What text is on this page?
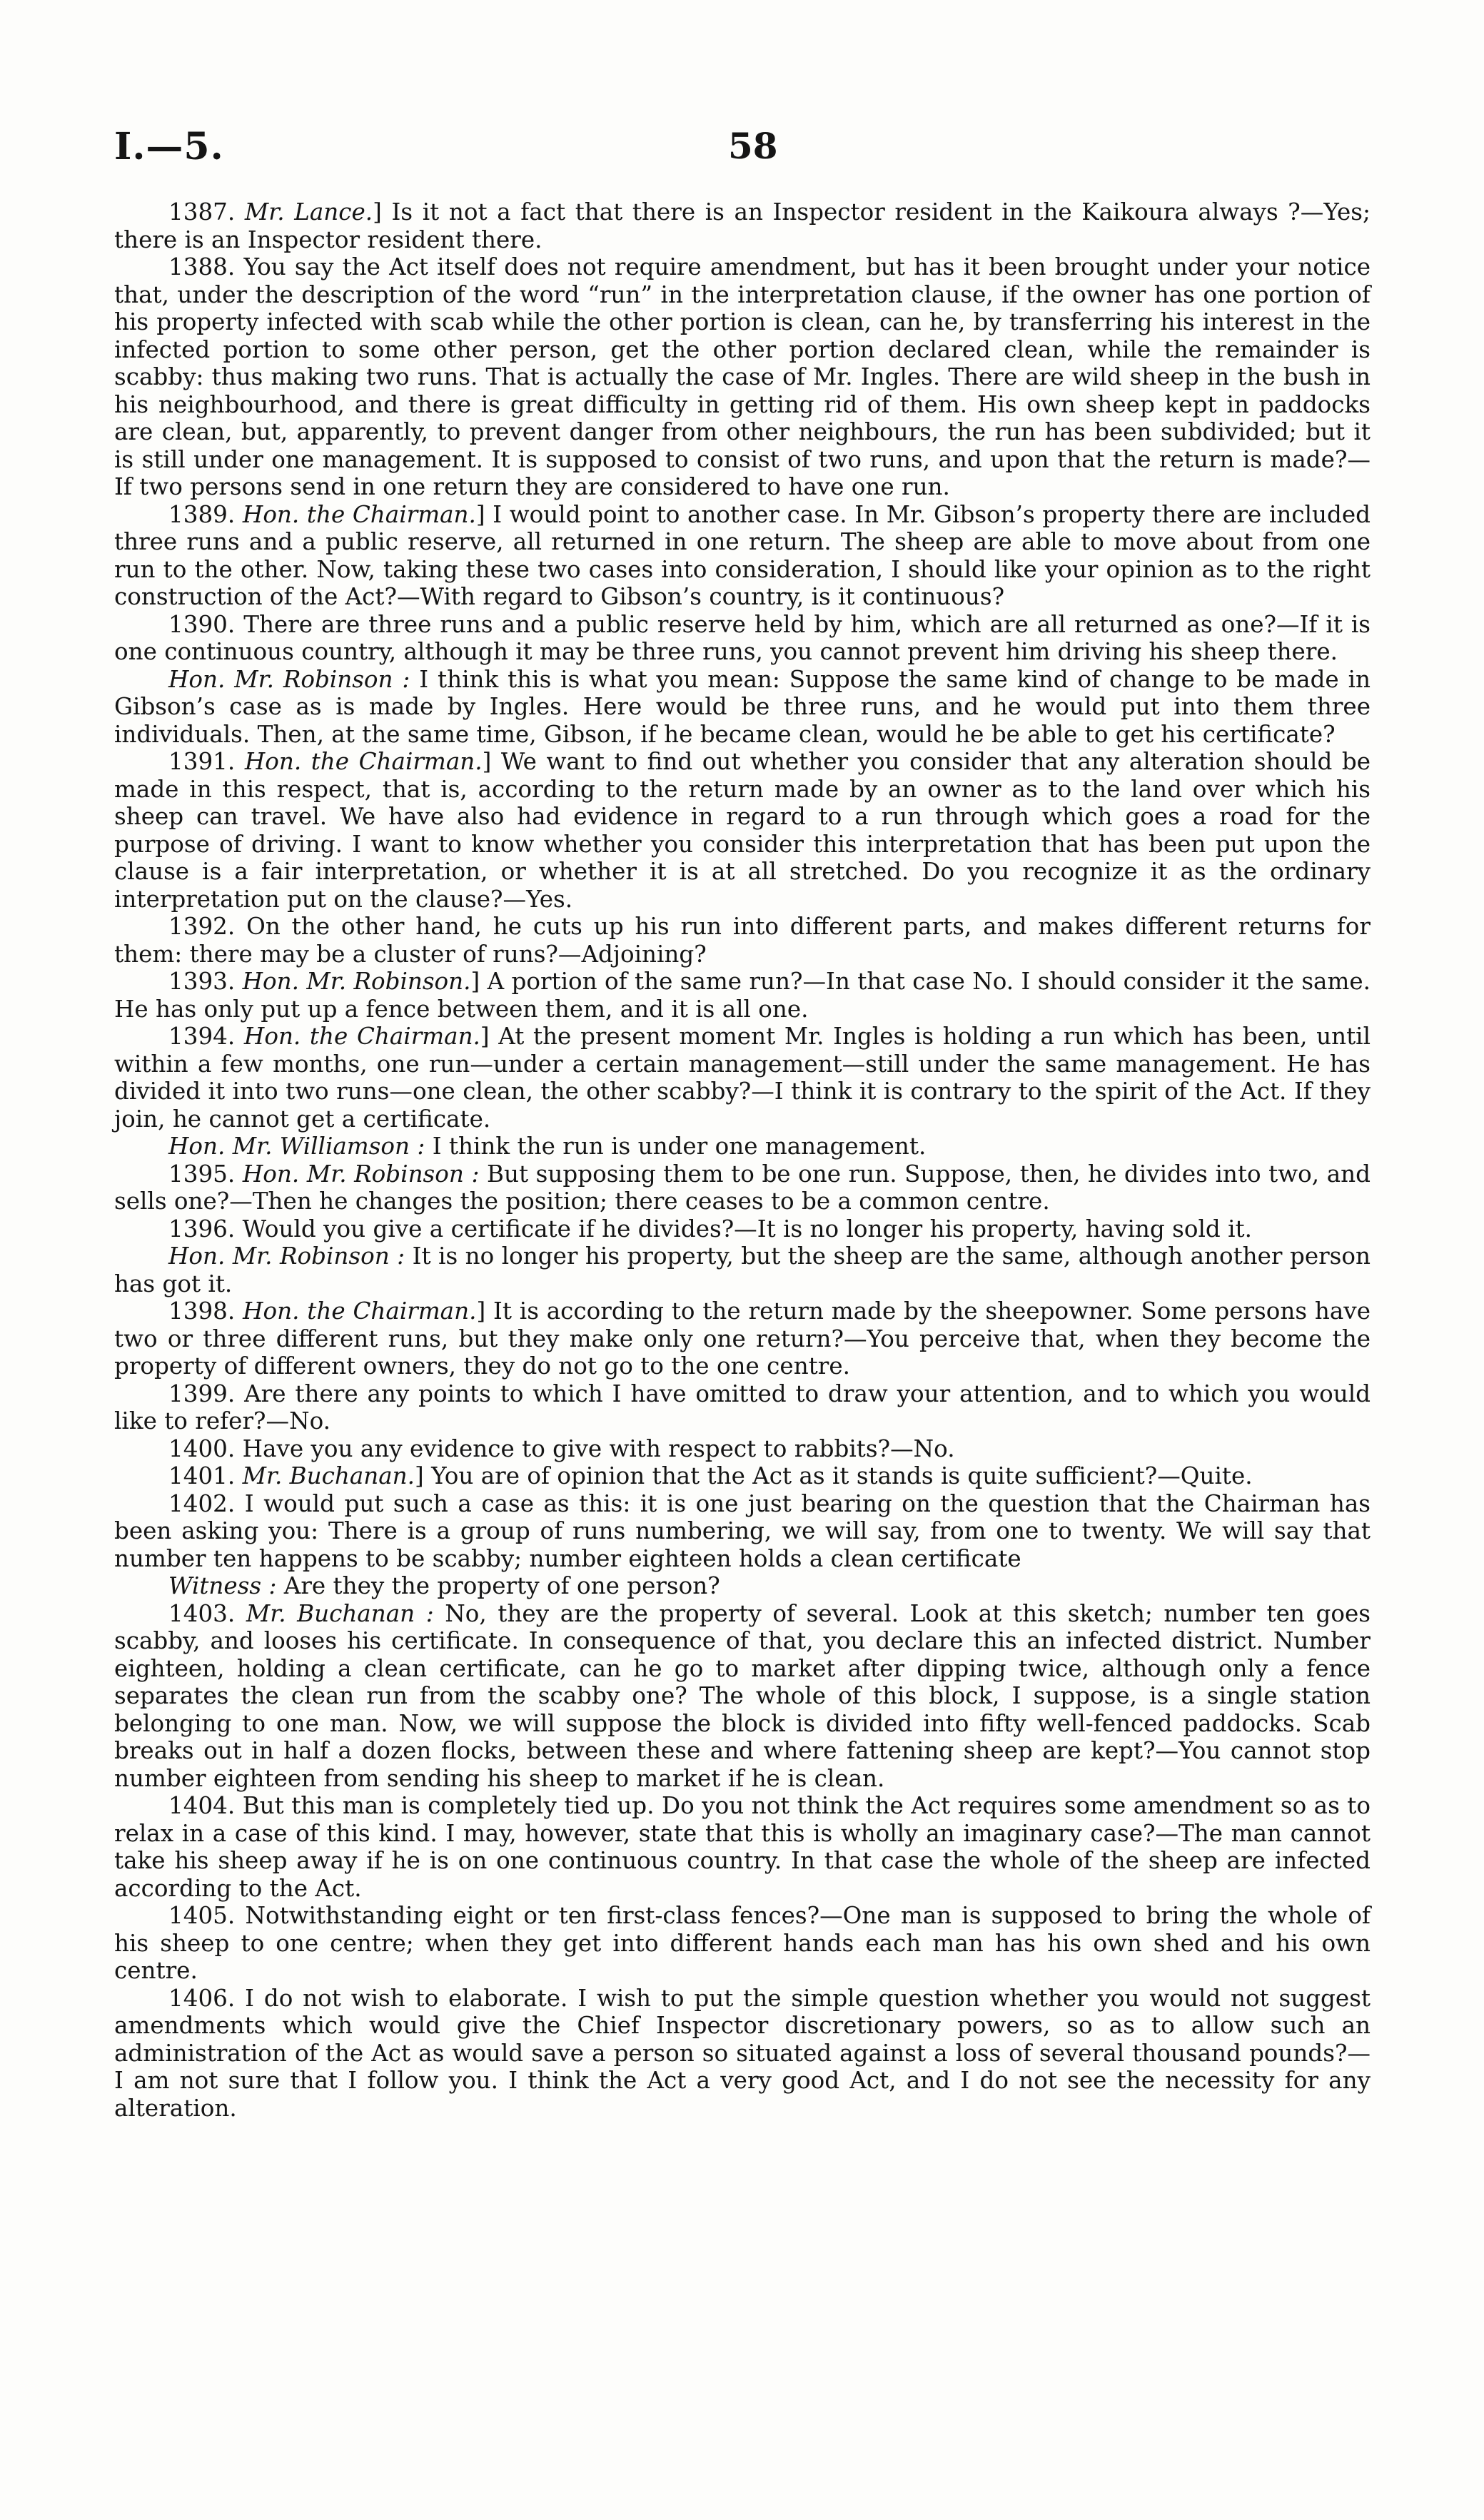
I.—5.	58

1387. Mr. Lance.] Is it not a fact that there is an Inspector resident in the Kaikoura always ?—Yes; there is an Inspector resident there.

1388. You say the Act itself does not require amendment, but has it been brought under your notice that, under the description of the word “run” in the interpretation clause, if the owner has one portion of his property infected with scab while the other portion is clean, can he, by transferring his interest in the infected portion to some other person, get the other portion declared clean, while the remainder is scabby: thus making two runs. That is actually the case of Mr. Ingles. There are wild sheep in the bush in his neighbourhood, and there is great difficulty in getting rid of them. His own sheep kept in paddocks are clean, but, apparently, to prevent danger from other neighbours, the run has been subdivided; but it is still under one management. It is supposed to consist of two runs, and upon that the return is made?—If two persons send in one return they are considered to have one run.

1389. Hon. the Chairman.] I would point to another case. In Mr. Gibson’s property there are included three runs and a public reserve, all returned in one return. The sheep are able to move about from one run to the other. Now, taking these two cases into consideration, I should like your opinion as to the right construction of the Act?—With regard to Gibson’s country, is it continuous?

1390. There are three runs and a public reserve held by him, which are all returned as one?—If it is one continuous country, although it may be three runs, you cannot prevent him driving his sheep there.

Hon. Mr. Robinson : I think this is what you mean: Suppose the same kind of change to be made in Gibson’s case as is made by Ingles. Here would be three runs, and he would put into them three individuals. Then, at the same time, Gibson, if he became clean, would he be able to get his certificate?

1391. Hon. the Chairman.] We want to find out whether you consider that any alteration should be made in this respect, that is, according to the return made by an owner as to the land over which his sheep can travel. We have also had evidence in regard to a run through which goes a road for the purpose of driving. I want to know whether you consider this interpretation that has been put upon the clause is a fair interpretation, or whether it is at all stretched. Do you recognize it as the ordinary interpretation put on the clause?—Yes.

1392. On the other hand, he cuts up his run into different parts, and makes different returns for them: there may be a cluster of runs?—Adjoining?

1393. Hon. Mr. Robinson.] A portion of the same run?—In that case No. I should consider it the same. He has only put up a fence between them, and it is all one.

1394. Hon. the Chairman.] At the present moment Mr. Ingles is holding a run which has been, until within a few months, one run—under a certain management—still under the same management. He has divided it into two runs—one clean, the other scabby?—I think it is contrary to the spirit of the Act. If they join, he cannot get a certificate.

Hon. Mr. Williamson : I think the run is under one management.

1395. Hon. Mr. Robinson : But supposing them to be one run. Suppose, then, he divides into two, and sells one?—Then he changes the position; there ceases to be a common centre.

1396. Would you give a certificate if he divides?—It is no longer his property, having sold it.

Hon. Mr. Robinson : It is no longer his property, but the sheep are the same, although another person has got it.

1398. Hon. the Chairman.] It is according to the return made by the sheepowner. Some persons have two or three different runs, but they make only one return?—You perceive that, when they become the property of different owners, they do not go to the one centre.

1399. Are there any points to which I have omitted to draw your attention, and to which you would like to refer?—No.

1400. Have you any evidence to give with respect to rabbits?—No.

1401. Mr. Buchanan.] You are of opinion that the Act as it stands is quite sufficient?—Quite.

1402. I would put such a case as this: it is one just bearing on the question that the Chairman has been asking you: There is a group of runs numbering, we will say, from one to twenty. We will say that number ten happens to be scabby; number eighteen holds a clean certificate

Witness : Are they the property of one person?

1403. Mr. Buchanan : No, they are the property of several. Look at this sketch; number ten goes scabby, and looses his certificate. In consequence of that, you declare this an infected district. Number eighteen, holding a clean certificate, can he go to market after dipping twice, although only a fence separates the clean run from the scabby one? The whole of this block, I suppose, is a single station belonging to one man. Now, we will suppose the block is divided into fifty well-fenced paddocks. Scab breaks out in half a dozen flocks, between these and where fattening sheep are kept?—You cannot stop number eighteen from sending his sheep to market if he is clean.

1404. But this man is completely tied up. Do you not think the Act requires some amendment so as to relax in a case of this kind. I may, however, state that this is wholly an imaginary case?—The man cannot take his sheep away if he is on one continuous country. In that case the whole of the sheep are infected according to the Act.

1405. Notwithstanding eight or ten first-class fences?—One man is supposed to bring the whole of his sheep to one centre; when they get into different hands each man has his own shed and his own centre.

1406. I do not wish to elaborate. I wish to put the simple question whether you would not suggest amendments which would give the Chief Inspector discretionary powers, so as to allow such an administration of the Act as would save a person so situated against a loss of several thousand pounds?—I am not sure that I follow you. I think the Act a very good Act, and I do not see the necessity for any alteration.
